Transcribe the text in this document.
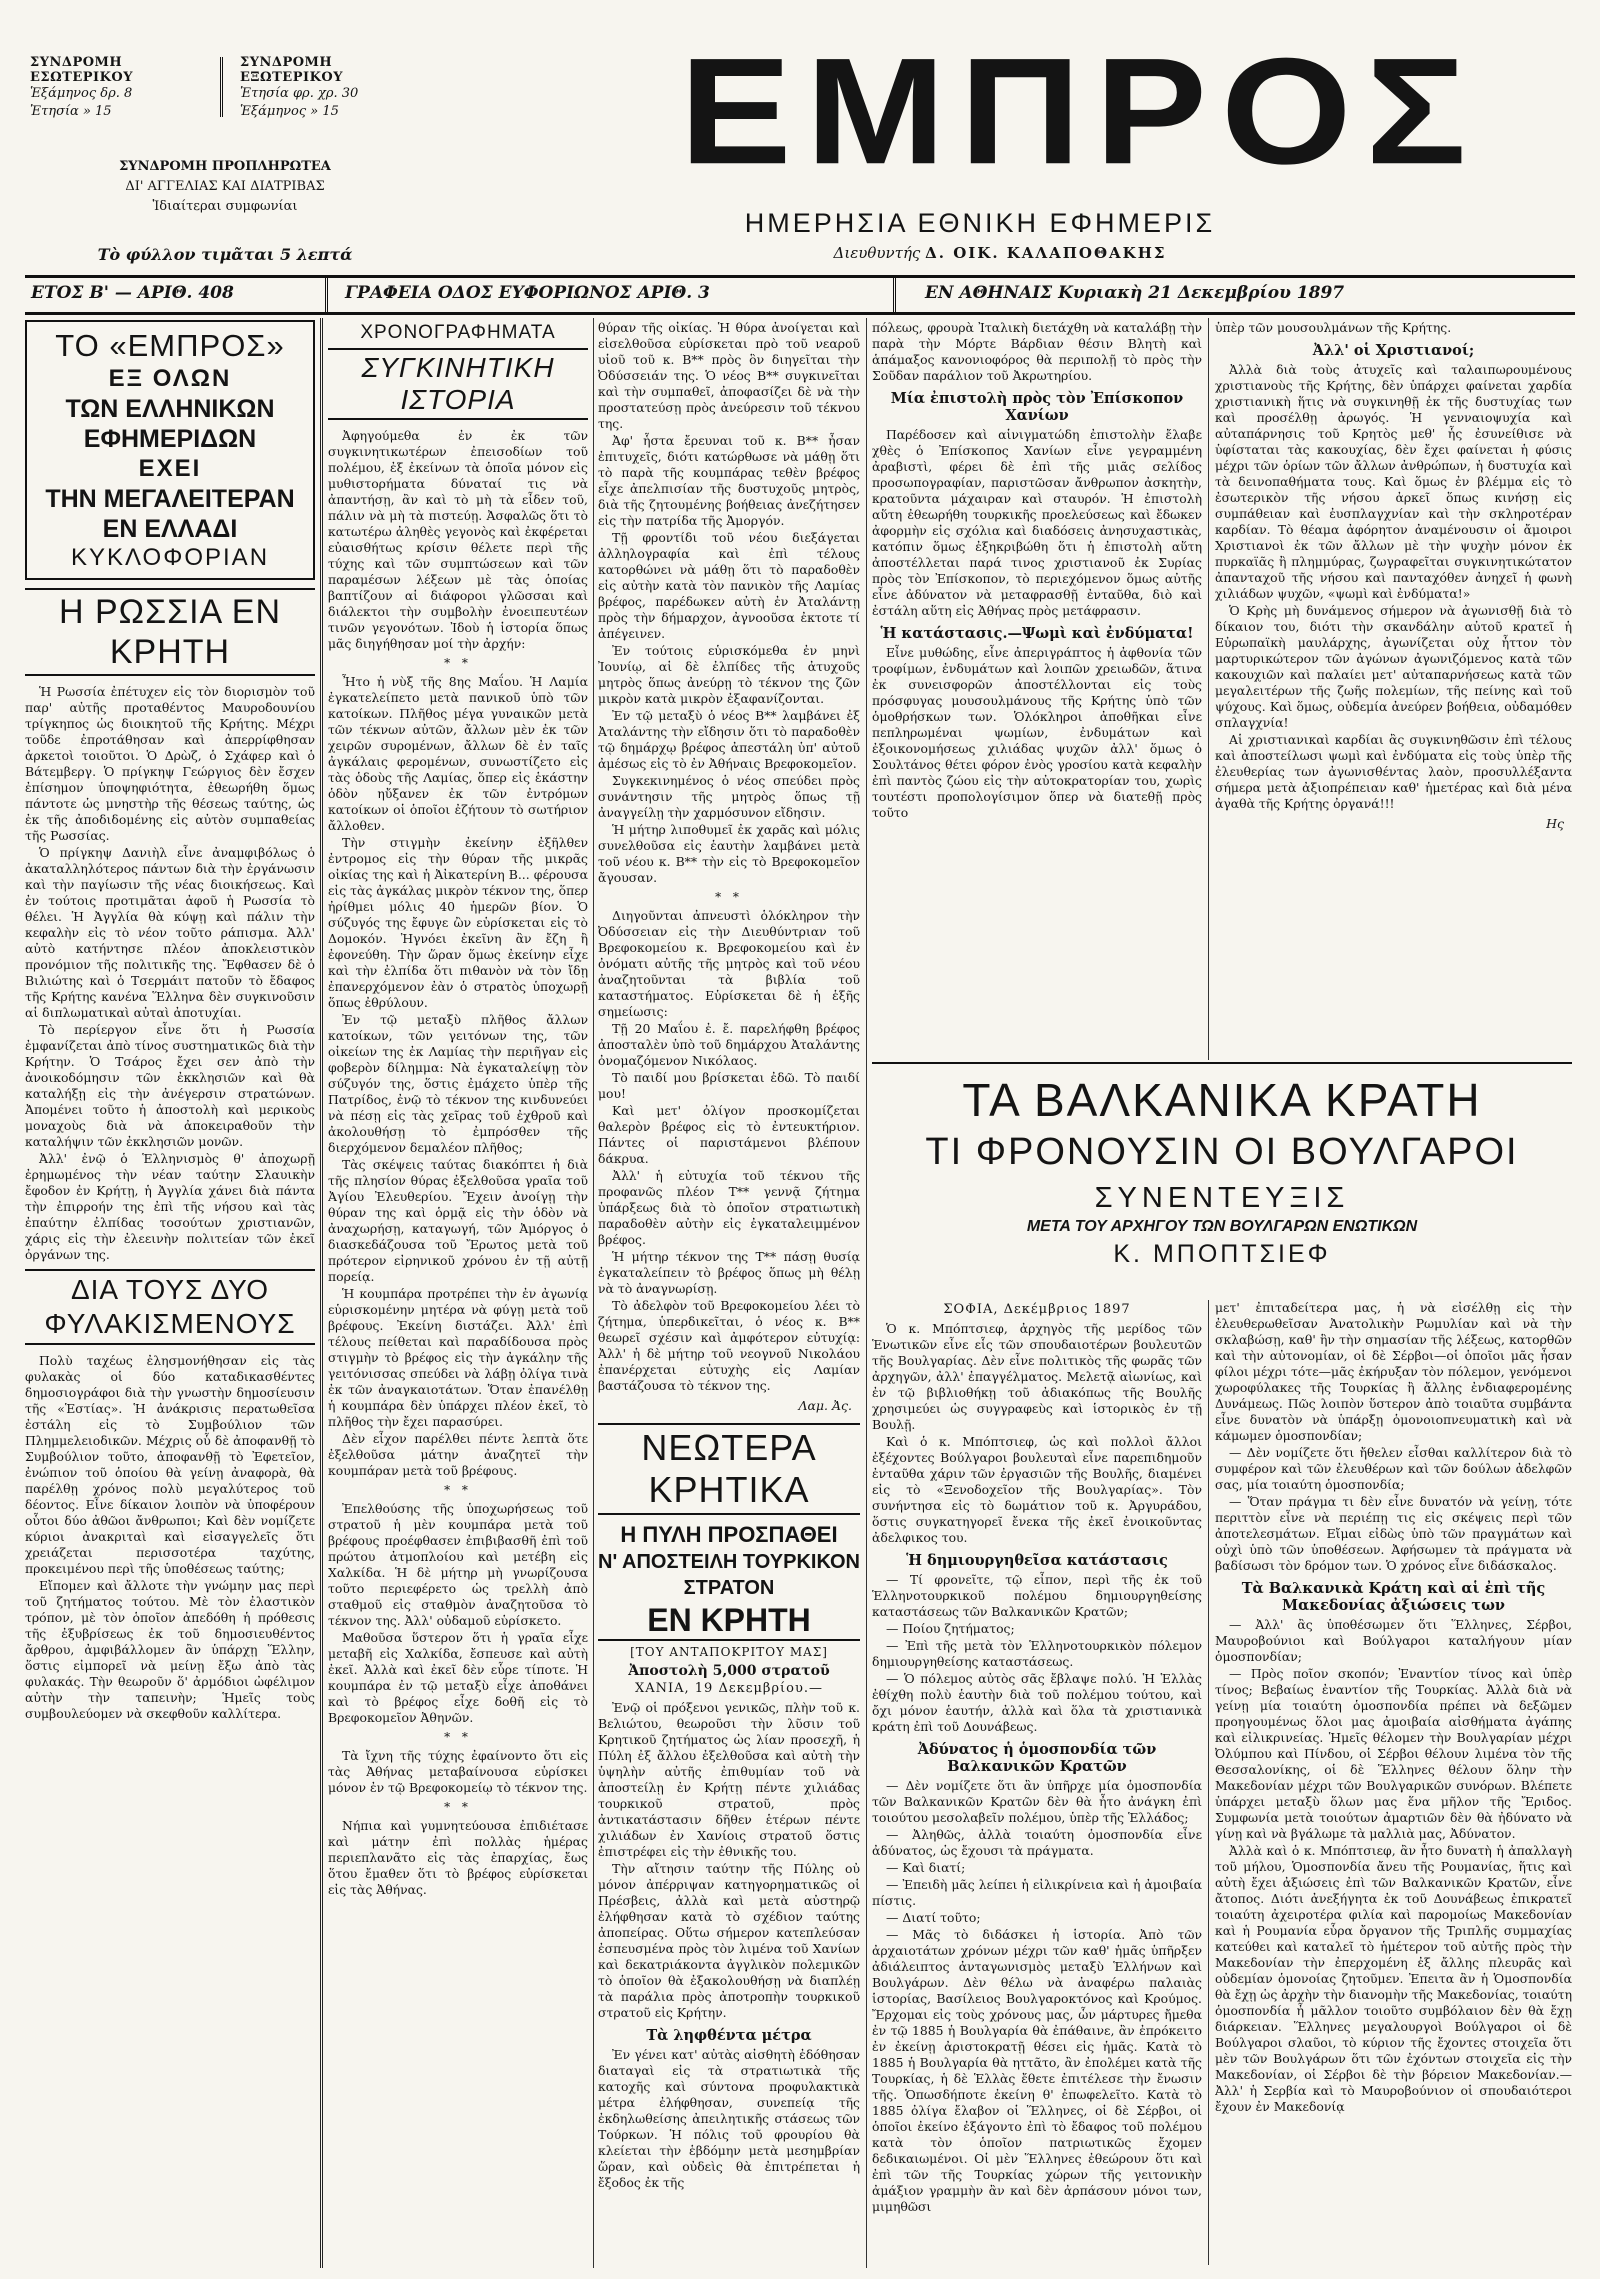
ΣΥΝΔΡΟΜΗ ΕΣΩΤΕΡΙΚΟΥ
Ἑξάμηνος δρ. 8
Ἐτησία » 15
ΣΥΝΔΡΟΜΗ ΕΞΩΤΕΡΙΚΟΥ
Ἐτησία φρ. χρ. 30
Ἑξάμηνος » 15
ΣΥΝΔΡΟΜΗ ΠΡΟΠΛΗΡΩΤΕΑ
ΔΙ' ΑΓΓΕΛΙΑΣ ΚΑΙ ΔΙΑΤΡΙΒΑΣ
Ἰδιαίτεραι συμφωνίαι
Τὸ φύλλον τιμᾶται 5 λεπτά
ΕΜΠΡΟΣ
ΗΜΕΡΗΣΙΑ ΕΘΝΙΚΗ ΕΦΗΜΕΡΙΣ
Διευθυντής Δ. ΟΙΚ. ΚΑΛΑΠΟΘΑΚΗΣ
ΕΤΟΣ Β' — ΑΡΙΘ. 408	ΓΡΑΦΕΙΑ ΟΔΟΣ ΕΥΦΟΡΙΩΝΟΣ ΑΡΙΘ. 3	ΕΝ ΑΘΗΝΑΙΣ Κυριακὴ 21 Δεκεμβρίου 1897
ΤΟ «ΕΜΠΡΟΣ»
ΕΞ ΟΛΩΝ
ΤΩΝ ΕΛΛΗΝΙΚΩΝ ΕΦΗΜΕΡΙΔΩΝ
ΕΧΕΙ
ΤΗΝ ΜΕΓΑΛΕΙΤΕΡΑΝ ΕΝ ΕΛΛΑΔΙ
ΚΥΚΛΟΦΟΡΙΑΝ
Η ΡΩΣΣΙΑ ΕΝ ΚΡΗΤΗ

Ἡ Ρωσσία ἐπέτυχεν εἰς τὸν διορισμὸν τοῦ παρ' αὐτῆς προταθέντος Μαυροδουνίου τρίγκηπος ὡς διοικητοῦ τῆς Κρήτης. Μέχρι τοῦδε ἐπροτάθησαν καὶ ἀπερρίφθησαν ἀρκετοὶ τοιοῦτοι. Ὁ Δρὼζ, ὁ Σχάφερ καὶ ὁ Βάτεμβεργ. Ὁ πρίγκηψ Γεώργιος δὲν ἔσχεν ἐπίσημον ὑποψηφιότητα, ἐθεωρήθη ὅμως πάντοτε ὡς μνηστὴρ τῆς θέσεως ταύτης, ὡς ἐκ τῆς ἀποδιδομένης εἰς αὐτὸν συμπαθείας τῆς Ρωσσίας.

Ὁ πρίγκηψ Δανιὴλ εἶνε ἀναμφιβόλως ὁ ἀκαταλληλότερος πάντων διὰ τὴν ἐργάνωσιν καὶ τὴν παγίωσιν τῆς νέας διοικήσεως. Καὶ ἐν τούτοις προτιμᾶται ἀφοῦ ἡ Ρωσσία τὸ θέλει. Ἡ Ἀγγλία θὰ κύψῃ καὶ πάλιν τὴν κεφαλὴν εἰς τὸ νέον τοῦτο ράπισμα. Ἀλλ' αὐτὸ κατήντησε πλέον ἀποκλειστικὸν προνόμιον τῆς πολιτικῆς της. Ἔφθασεν δὲ ὁ Βιλιώτης καὶ ὁ Τσερμάιτ πατοῦν τὸ ἔδαφος τῆς Κρήτης κανένα Ἕλληνα δὲν συγκινοῦσιν αἱ διπλωματικαὶ αὐταὶ ἀποτυχίαι.

Τὸ περίεργον εἶνε ὅτι ἡ Ρωσσία ἐμφανίζεται ἀπὸ τίνος συστηματικῶς διὰ τὴν Κρήτην. Ὁ Τσάρος ἔχει σεν ἀπὸ τὴν ἀνοικοδόμησιν τῶν ἐκκλησιῶν καὶ θὰ καταλήξῃ εἰς τὴν ἀνέγερσιν στρατώνων. Ἀπομένει τοῦτο ἡ ἀποστολὴ καὶ μερικοὺς μοναχοὺς διὰ νὰ ἀποκειραθοῦν τὴν καταλήψιν τῶν ἐκκλησιῶν μονῶν.

Ἀλλ' ἐνῷ ὁ Ἑλληνισμὸς θ' ἀποχωρῇ ἐρημωμένος τὴν νέαν ταύτην Σλαυικὴν ἔφοδον ἐν Κρήτῃ, ἡ Ἀγγλία χάνει διὰ πάντα τὴν ἐπιρροήν της ἐπὶ τῆς νήσου καὶ τὰς ἐπαύτην ἐλπίδας τοσούτων χριστιανῶν, χάρις εἰς τὴν ἐλεεινὴν πολιτείαν τῶν ἐκεῖ ὀργάνων της.

ΔΙΑ ΤΟΥΣ ΔΥΟ ΦΥΛΑΚΙΣΜΕΝΟΥΣ

Πολὺ ταχέως ἐλησμονήθησαν εἰς τὰς φυλακὰς οἱ δύο καταδικασθέντες δημοσιογράφοι διὰ τὴν γνωστὴν δημοσίευσιν τῆς «Ἑστίας». Ἡ ἀνάκρισις περατωθεῖσα ἐστάλη εἰς τὸ Συμβούλιον τῶν Πλημμελειοδικῶν. Μέχρις οὗ δὲ ἀποφανθῇ τὸ Συμβούλιον τοῦτο, ἀποφανθῇ τὸ Ἐφετεῖον, ἐνώπιον τοῦ ὁποίου θὰ γείνῃ ἀναφορὰ, θὰ παρέλθῃ χρόνος πολὺ μεγαλύτερος τοῦ δέοντος. Εἶνε δίκαιον λοιπὸν νὰ ὑποφέρουν οὗτοι δύο ἀθῶοι ἄνθρωποι; Καὶ δὲν νομίζετε κύριοι ἀνακριταὶ καὶ εἰσαγγελεῖς ὅτι χρειάζεται περισσοτέρα ταχύτης, προκειμένου περὶ τῆς ὑποθέσεως ταύτης;

Εἴπομεν καὶ ἄλλοτε τὴν γνώμην μας περὶ τοῦ ζητήματος τούτου. Μὲ τὸν ἐλαστικὸν τρόπον, μὲ τὸν ὁποῖον ἀπεδόθη ἡ πρόθεσις τῆς ἐξυβρίσεως ἐκ τοῦ δημοσιευθέντος ἄρθρου, ἀμφιβάλλομεν ἂν ὑπάρχῃ Ἕλλην, ὅστις εἰμπορεῖ νὰ μείνῃ ἔξω ἀπὸ τὰς φυλακάς. Τὴν θεωροῦν ὅ' ἀρμόδιοι ὠφέλιμον αὐτὴν τὴν ταπεινὴν; Ἡμεῖς τοὺς συμβουλεύομεν νὰ σκεφθοῦν καλλίτερα.

ΧΡΟΝΟΓΡΑΦΗΜΑΤΑ
ΣΥΓΚΙΝΗΤΙΚΗ ΙΣΤΟΡΙΑ

Ἀφηγούμεθα ἐν ἐκ τῶν συγκινητικωτέρων ἐπεισοδίων τοῦ πολέμου, ἐξ ἐκείνων τὰ ὁποῖα μόνον εἰς μυθιστορήματα δύναταί τις νὰ ἀπαντήσῃ, ἂν καὶ τὸ μὴ τὰ εἶδεν τοῦ, πάλιν νὰ μὴ τὰ πιστεύῃ. Ἀσφαλῶς ὅτι τὸ κατωτέρω ἀληθὲς γεγονὸς καὶ ἐκφέρεται εὐαισθήτως κρίσιν θέλετε περὶ τῆς τύχης καὶ τῶν συμπτώσεων καὶ τῶν παραμέσων λέξεων μὲ τὰς ὁποίας βαπτίζουν αἱ διάφοροι γλῶσσαι καὶ διάλεκτοι τὴν συμβολὴν ἐνοειπευτέων τινῶν γεγονότων. Ἰδοὺ ἡ ἱστορία ὅπως μᾶς διηγήθησαν μοί τὴν ἀρχήν:

* *

Ἦτο ἡ νὺξ τῆς 8ης Μαΐου. Ἡ Λαμία ἐγκατελείπετο μετὰ πανικοῦ ὑπὸ τῶν κατοίκων. Πλῆθος μέγα γυναικῶν μετὰ τῶν τέκνων αὐτῶν, ἄλλων μὲν ἐκ τῶν χειρῶν συρομένων, ἄλλων δὲ ἐν ταῖς ἀγκάλαις φερομένων, συνωστίζετο εἰς τὰς ὁδοὺς τῆς Λαμίας, ὅπερ εἰς ἑκάστην ὁδὸν ηὔξανεν ἐκ τῶν ἐντρόμων κατοίκων οἱ ὁποῖοι ἐζήτουν τὸ σωτήριον ἄλλοθεν.

Τὴν στιγμὴν ἐκείνην ἐξῆλθεν ἐντρομος εἰς τὴν θύραν τῆς μικρᾶς οἰκίας της καὶ ἡ Ἀἰκατερίνη Β... φέρουσα εἰς τὰς ἀγκάλας μικρὸν τέκνον της, ὅπερ ἠρίθμει μόλις 40 ἡμερῶν βίον. Ὁ σύζυγός της ἔφυγε ὢν εὑρίσκεται εἰς τὸ Δομοκόν. Ἠγνόει ἐκεῖνη ἂν ἔζη ἢ ἐφονεύθη. Τὴν ὥραν ὅμως ἐκείνην εἶχε καὶ τὴν ἐλπίδα ὅτι πιθανὸν νὰ τὸν ἴδῃ ἐπανερχόμενον ἐὰν ὁ στρατὸς ὑποχωρῇ ὅπως ἐθρύλουν.

Ἐν τῷ μεταξὺ πλῆθος ἄλλων κατοίκων, τῶν γειτόνων της, τῶν οἰκείων της ἐκ Λαμίας τὴν περιῆγαν εἰς φοβερὸν δίλημμα: Νὰ ἐγκαταλείψῃ τὸν σύζυγόν της, ὅστις ἐμάχετο ὑπὲρ τῆς Πατρίδος, ἐνῷ τὸ τέκνον της κινδυνεύει νὰ πέσῃ εἰς τὰς χεῖρας τοῦ ἐχθροῦ καὶ ἀκολουθήσῃ τὸ ἐμπρόσθεν τῆς διερχόμενον δεμαλέον πλῆθος;

Τὰς σκέψεις ταύτας διακόπτει ἡ διὰ τῆς πλησίον θύρας ἐξελθοῦσα γραῖα τοῦ Ἀγίου Ἐλευθερίου. Ἔχειν ἀνοίγῃ τὴν θύραν της καὶ ὁρμᾷ εἰς τὴν ὁδὸν νὰ ἀναχωρήσῃ, καταγωγή, τῶν Ἀμόργος ὁ διασκεδάζουσα τοῦ Ἔρωτος μετὰ τοῦ πρότερον εἰρηνικοῦ χρόνου ἐν τῇ αὐτῇ πορείᾳ.

Ἡ κουμπάρα προτρέπει τὴν ἐν ἀγωνίᾳ εὑρισκομένην μητέρα νὰ φύγῃ μετὰ τοῦ βρέφους. Ἐκείνη διστάζει. Ἀλλ' ἐπὶ τέλους πείθεται καὶ παραδίδουσα πρὸς στιγμὴν τὸ βρέφος εἰς τὴν ἀγκάλην τῆς γειτόνισσας σπεύδει νὰ λάβῃ ὀλίγα τινὰ ἐκ τῶν ἀναγκαιοτάτων. Ὅταν ἐπανέλθῃ ἡ κουμπάρα δὲν ὑπάρχει πλέον ἐκεῖ, τὸ πλῆθος τὴν ἔχει παρασύρει.

Δὲν εἶχον παρέλθει πέντε λεπτὰ ὅτε ἐξελθοῦσα μάτην ἀναζητεῖ τὴν κουμπάραν μετὰ τοῦ βρέφους.

* *

Ἐπελθούσης τῆς ὑποχωρήσεως τοῦ στρατοῦ ἡ μὲν κουμπάρα μετὰ τοῦ βρέφους προέφθασεν ἐπιβιβασθῆ ἐπὶ τοῦ πρώτου ἀτμοπλοίου καὶ μετέβη εἰς Χαλκίδα. Ἡ δὲ μήτηρ μὴ γνωρίζουσα τοῦτο περιεφέρετο ὡς τρελλὴ ἀπὸ σταθμοῦ εἰς σταθμὸν ἀναζητοῦσα τὸ τέκνον της. Ἀλλ' οὐδαμοῦ εὑρίσκετο.

Μαθοῦσα ὕστερον ὅτι ἡ γραῖα εἶχε μεταβῆ εἰς Χαλκίδα, ἔσπευσε καὶ αὐτὴ ἐκεῖ. Ἀλλὰ καὶ ἐκεῖ δὲν εὗρε τίποτε. Ἡ κουμπάρα ἐν τῷ μεταξὺ εἶχε ἀποθάνει καὶ τὸ βρέφος εἶχε δοθῆ εἰς τὸ Βρεφοκομεῖον Ἀθηνῶν.

* *

Τὰ ἴχνη τῆς τύχης ἐφαίνοντο ὅτι εἰς τὰς Ἀθήνας μεταβαίνουσα εὑρίσκει μόνον ἐν τῷ Βρεφοκομείῳ τὸ τέκνον της.

* *

Νήπια καὶ γυμνητεύουσα ἐπιδιέτασε καὶ μάτην ἐπὶ πολλὰς ἡμέρας περιεπλανᾶτο εἰς τὰς ἐπαρχίας, ἔως ὅτου ἔμαθεν ὅτι τὸ βρέφος εὑρίσκεται εἰς τὰς Ἀθήνας.

θύραν τῆς οἰκίας. Ἡ θύρα ἀνοίγεται καὶ εἰσελθοῦσα εὑρίσκεται πρὸ τοῦ νεαροῦ υἱοῦ τοῦ κ. Β** πρὸς ὃν διηγεῖται τὴν Ὀδύσσειάν της. Ὁ νέος Β** συγκινεῖται καὶ τὴν συμπαθεῖ, ἀποφασίζει δὲ νὰ τὴν προστατεύσῃ πρὸς ἀνεύρεσιν τοῦ τέκνου της.

Ἀφ' ἧστα ἔρευναι τοῦ κ. Β** ἦσαν ἐπιτυχεῖς, διότι κατώρθωσε νὰ μάθῃ ὅτι τὸ παρὰ τῆς κουμπάρας τεθὲν βρέφος εἶχε ἀπελπισίαν τῆς δυστυχοῦς μητρὸς, διὰ τῆς ζητουμένης βοήθειας ἀνεζήτησεν εἰς τὴν πατρίδα τῆς Ἀμοργόν.

Τῇ φροντίδι τοῦ νέου διεξάγεται ἀλληλογραφία καὶ ἐπὶ τέλους κατορθώνει νὰ μάθῃ ὅτι τὸ παραδοθὲν εἰς αὐτὴν κατὰ τὸν πανικὸν τῆς Λαμίας βρέφος, παρέδωκεν αὐτὴ ἐν Ἀταλάντῃ πρὸς τὴν δήμαρχον, ἀγνοοῦσα ἐκτοτε τί ἀπέγεινεν.

Ἐν τούτοις εὑρισκόμεθα ἐν μηνὶ Ἰουνίῳ, αἱ δὲ ἐλπίδες τῆς ἀτυχοῦς μητρὸς ὅπως ἀνεύρῃ τὸ τέκνον της ζῶν μικρὸν κατὰ μικρὸν ἐξαφανίζονται.

Ἐν τῷ μεταξὺ ὁ νέος Β** λαμβάνει ἐξ Ἀταλάντης τὴν εἴδησιν ὅτι τὸ παραδοθὲν τῷ δημάρχῳ βρέφος ἀπεστάλη ὑπ' αὐτοῦ ἀμέσως εἰς τὸ ἐν Ἀθήναις Βρεφοκομεῖον.

Συγκεκινημένος ὁ νέος σπεύδει πρὸς συνάντησιν τῆς μητρὸς ὅπως τῇ ἀναγγείλῃ τὴν χαρμόσυνον εἴδησιν.

Ἡ μήτηρ λιποθυμεῖ ἐκ χαρᾶς καὶ μόλις συνελθοῦσα εἰς ἑαυτὴν λαμβάνει μετὰ τοῦ νέου κ. Β** τὴν εἰς τὸ Βρεφοκομεῖον ἄγουσαν.

* *

Διηγοῦνται ἀπνευστὶ ὁλόκληρον τὴν Ὀδύσσειαν εἰς τὴν Διευθύντριαν τοῦ Βρεφοκομείου κ. Βρεφοκομείου καὶ ἐν ὀνόματι αὐτῆς τῆς μητρὸς καὶ τοῦ νέου ἀναζητοῦνται τὰ βιβλία τοῦ καταστήματος. Εὑρίσκεται δὲ ἡ ἑξῆς σημείωσις:

Τῇ 20 Μαΐου ἐ. ἔ. παρελήφθη βρέφος ἀποσταλὲν ὑπὸ τοῦ δημάρχου Ἀταλάντης ὀνομαζόμενον Νικόλαος.

Τὸ παιδί μου βρίσκεται ἐδῶ. Τὸ παιδί μου!

Καὶ μετ' ὀλίγον προσκομίζεται θαλερὸν βρέφος εἰς τὸ ἐντευκτήριον. Πάντες οἱ παριστάμενοι βλέπουν δάκρυα.

Ἀλλ' ἡ εὐτυχία τοῦ τέκνου τῆς προφανῶς πλέον Τ** γεννᾷ ζήτημα ὑπάρξεως διὰ τὸ ὁποῖον στρατιωτικὴ παραδοθὲν αὐτὴν εἰς ἐγκαταλειμμένον βρέφος.

Ἡ μήτηρ τέκνον της Τ** πάσῃ θυσίᾳ ἐγκαταλείπειν τὸ βρέφος ὅπως μὴ θέλῃ νὰ τὸ ἀναγνωρίσῃ.

Τὸ ἀδελφὸν τοῦ Βρεφοκομείου λέει τὸ ζήτημα, ὑπερδικεῖται, ὁ νέος κ. Β** θεωρεῖ σχέσιν καὶ ἀμφότερον εὐτυχίᾳ: Ἀλλ' ἡ δὲ μήτηρ τοῦ νεογνοῦ Νικολάου ἐπανέρχεται εὐτυχὴς εἰς Λαμίαν βαστάζουσα τὸ τέκνον της.

Λαμ. Ἀς.
ΝΕΩΤΕΡΑ ΚΡΗΤΙΚΑ
Η ΠΥΛΗ ΠΡΟΣΠΑΘΕΙ
Ν' ΑΠΟΣΤΕΙΛΗ ΤΟΥΡΚΙΚΟΝ ΣΤΡΑΤΟΝ
ΕΝ ΚΡΗΤΗ
[ΤΟΥ ΑΝΤΑΠΟΚΡΙΤΟΥ ΜΑΣ]
Ἀποστολὴ 5,000 στρατοῦ
ΧΑΝΙΑ, 19 Δεκεμβρίου.—

Ἐνῷ οἱ πρόξενοι γενικῶς, πλὴν τοῦ κ. Βελιώτου, θεωροῦσι τὴν λῦσιν τοῦ Κρητικοῦ ζητήματος ὡς λίαν προσεχῆ, ἡ Πύλη ἐξ ἄλλου ἐξελθοῦσα καὶ αὐτὴ τὴν ὑψηλὴν αὐτῆς ἐπιθυμίαν τοῦ νὰ ἀποστείλῃ ἐν Κρήτῃ πέντε χιλιάδας τουρκικοῦ στρατοῦ, πρὸς ἀντικατάστασιν δῆθεν ἑτέρων πέντε χιλιάδων ἐν Χανίοις στρατοῦ ὅστις ἐπιστρέφει εἰς τὴν ἐθνικῆς του.

Τὴν αἴτησιν ταύτην τῆς Πύλης οὐ μόνον ἀπέρριψαν κατηγορηματικῶς οἱ Πρέσβεις, ἀλλὰ καὶ μετὰ αὐστηρῷ ἐλήφθησαν κατὰ τὸ σχέδιον ταύτης ἀποπείρας. Οὕτω σήμερον κατεπλεύσαν ἐσπευσμένα πρὸς τὸν λιμένα τοῦ Χανίων καὶ δεκατριάκοντα ἀγγλικὸν πολεμικῶν τὸ ὁποῖον θὰ ἐξακολουθήσῃ νὰ διαπλέῃ τὰ παράλια πρὸς ἀποτροπὴν τουρκικοῦ στρατοῦ εἰς Κρήτην.

Τὰ ληφθέντα μέτρα

Ἐν γένει κατ' αὐτὰς αἰσθητὴ ἐδόθησαν διαταγαὶ εἰς τὰ στρατιωτικὰ τῆς κατοχῆς καὶ σύντονα προφυλακτικὰ μέτρα ἐλήφθησαν, συνεπείᾳ τῆς ἐκδηλωθείσης ἀπειλητικῆς στάσεως τῶν Τούρκων. Ἡ πόλις τοῦ φρουρίου θὰ κλείεται τὴν ἑβδόμην μετὰ μεσημβρίαν ὥραν, καὶ οὐδεὶς θὰ ἐπιτρέπεται ἡ ἔξοδος ἐκ τῆς

πόλεως, φρουρὰ Ἰταλικὴ διετάχθη νὰ καταλάβῃ τὴν παρὰ τὴν Μόρτε Βάρδιαν θέσιν Βλητὴ καὶ ἁπάμαξος κανονιοφόρος θὰ περιπολῇ τὸ πρὸς τὴν Σοῦδαν παράλιον τοῦ Ἀκρωτηρίου.

Μία ἐπιστολὴ πρὸς τὸν Ἐπίσκοπον Χανίων

Παρέδοσεν καὶ αἱνιγματώδη ἐπιστολὴν ἔλαβε χθὲς ὁ Ἐπίσκοπος Χανίων εἶνε γεγραμμένη ἀραβιστὶ, φέρει δὲ ἐπὶ τῆς μιᾶς σελίδος προσωπογραφίαν, παριστῶσαν ἄνθρωπον ἀσκητὴν, κρατοῦντα μάχαιραν καὶ σταυρόν. Ἡ ἐπιστολὴ αὕτη ἐθεωρήθη τουρκικῆς προελεύσεως καὶ ἔδωκεν ἀφορμὴν εἰς σχόλια καὶ διαδόσεις ἀνησυχαστικὰς, κατόπιν ὅμως ἐξηκριβώθη ὅτι ἡ ἐπιστολὴ αὕτη ἀποστέλλεται παρά τινος χριστιανοῦ ἐκ Συρίας πρὸς τὸν Ἐπίσκοπον, τὸ περιεχόμενον ὅμως αὐτῆς εἶνε ἀδύνατον νὰ μεταφρασθῇ ἐνταῦθα, διὸ καὶ ἐστάλη αὕτη εἰς Ἀθήνας πρὸς μετάφρασιν.

Ἡ κατάστασις.—Ψωμὶ καὶ ἐνδύματα!

Εἶνε μυθώδης, εἶνε ἀπεριγράπτος ἡ ἀφθονία τῶν τροφίμων, ἐνδυμάτων καὶ λοιπῶν χρειωδῶν, ἅτινα ἐκ συνεισφορῶν ἀποστέλλονται εἰς τοὺς πρόσφυγας μουσουλμάνους τῆς Κρήτης ὑπὸ τῶν ὁμοθρήσκων των. Ὁλόκληροι ἀποθῆκαι εἶνε πεπληρωμέναι ψωμίων, ἐνδυμάτων καὶ ἐξοικονομήσεως χιλιάδας ψυχῶν ἀλλ' ὅμως ὁ Σουλτάνος θέτει φόρον ἐνὸς γροσίου κατὰ κεφαλὴν ἐπὶ παντὸς ζώου εἰς τὴν αὐτοκρατορίαν του, χωρὶς τουτέστι προπολογίσιμον ὅπερ νὰ διατεθῇ πρὸς τοῦτο

ὑπὲρ τῶν μουσουλμάνων τῆς Κρήτης.

Ἀλλ' οἱ Χριστιανοί;

Ἀλλὰ διὰ τοὺς ἀτυχεῖς καὶ ταλαιπωρουμένους χριστιανοὺς τῆς Κρήτης, δὲν ὑπάρχει φαίνεται χαρδία χριστιανικὴ ἥτις νὰ συγκινηθῇ ἐκ τῆς δυστυχίας των καὶ προσέλθῃ ἀρωγός. Ἡ γενναιοψυχία καὶ αὐταπάρνησις τοῦ Κρητὸς μεθ' ἧς ἐσυνείθισε νὰ ὑφίσταται τὰς κακουχίας, δὲν ἔχει φαίνεται ἡ φύσις μέχρι τῶν ὁρίων τῶν ἄλλων ἀνθρώπων, ἡ δυστυχία καὶ τὰ δεινοπαθήματα τους. Καὶ ὅμως ἐν βλέμμα εἰς τὸ ἐσωτερικὸν τῆς νήσου ἀρκεῖ ὅπως κινήσῃ εἰς συμπάθειαν καὶ ἐυσπλαγχνίαν καὶ τὴν σκληροτέραν καρδίαν. Τὸ θέαμα ἀφόρητον ἀναμένουσιν οἱ ἄμοιροι Χριστιανοὶ ἐκ τῶν ἄλλων μὲ τὴν ψυχὴν μόνον ἐκ πυρκαϊᾶς ἢ πλημμύρας, ζωγραφεῖται συγκινητικώτατον ἀπανταχοῦ τῆς νήσου καὶ πανταχόθεν ἀνηχεῖ ἡ φωνὴ χιλιάδων ψυχῶν, «ψωμὶ καὶ ἐνδύματα!»

Ὁ Κρὴς μὴ δυνάμενος σήμερον νὰ ἀγωνισθῇ διὰ τὸ δίκαιον του, διότι τὴν σκανδάλην αὐτοῦ κρατεῖ ἡ Εὐρωπαϊκὴ μαυλάρχης, ἀγωνίζεται οὐχ ἧττον τὸν μαρτυρικώτερον τῶν ἀγώνων ἀγωνιζόμενος κατὰ τῶν κακουχιῶν καὶ παλαίει μετ' αὐταπαρνήσεως κατὰ τῶν μεγαλειτέρων τῆς ζωῆς πολεμίων, τῆς πείνης καὶ τοῦ ψύχους. Καὶ ὅμως, οὐδεμία ἀνεύρεν βοήθεια, οὐδαμόθεν σπλαγχνία!

Αἱ χριστιανικαὶ καρδίαι ἂς συγκινηθῶσιν ἐπὶ τέλους καὶ ἀποστείλωσι ψωμὶ καὶ ἐνδύματα εἰς τοὺς ὑπὲρ τῆς ἐλευθερίας των ἀγωνισθέντας λαὸν, προσυλλέξαντα σήμερα μετὰ ἀξιοπρέπειαν καθ' ἡμετέρας καὶ διὰ μένα ἀγαθὰ τῆς Κρήτης ὀργανά!!!

Ης
ΤΑ ΒΑΛΚΑΝΙΚΑ ΚΡΑΤΗ
ΤΙ ΦΡΟΝΟΥΣΙΝ ΟΙ ΒΟΥΛΓΑΡΟΙ
ΣΥΝΕΝΤΕΥΞΙΣ
ΜΕΤΑ ΤΟΥ ΑΡΧΗΓΟΥ ΤΩΝ ΒΟΥΛΓΑΡΩΝ ΕΝΩΤΙΚΩΝ
Κ. ΜΠΟΠΤΣΙΕΦ
ΣΟΦΙΑ, Δεκέμβριος 1897

Ὁ κ. Μπόπτσιεφ, ἀρχηγὸς τῆς μερίδος τῶν Ἑνωτικῶν εἶνε εἷς τῶν σπουδαιοτέρων βουλευτῶν τῆς Βουλγαρίας. Δὲν εἶνε πολιτικὸς τῆς φωρᾶς τῶν ἀρχηγῶν, ἀλλ' ἐπαγγέλματος. Μελετᾷ αἰωνίως, καὶ ἐν τῷ βιβλιοθήκῃ τοῦ ἀδιακόπως τῆς Βουλῆς χρησιμεύει ὡς συγγραφεὺς καὶ ἱστορικὸς ἐν τῇ Βουλῇ.

Καὶ ὁ κ. Μπόπτσιεφ, ὡς καὶ πολλοὶ ἄλλοι ἐξέχοντες Βούλγαροι βουλευταὶ εἶνε παρεπιδημοῦν ἐνταῦθα χάριν τῶν ἐργασιῶν τῆς Βουλῆς, διαμένει εἰς τὸ «Ξενοδοχεῖον τῆς Βουλγαρίας». Τὸν συνήντησα εἰς τὸ δωμάτιον τοῦ κ. Ἀργυράδου, ὅστις συγκατηγορεῖ ἔνεκα τῆς ἐκεῖ ἐνοικοῦντας ἀδελφικος του.

Ἡ δημιουργηθεῖσα κατάστασις

— Τί φρονεῖτε, τῷ εἶπον, περὶ τῆς ἐκ τοῦ Ἑλληνοτουρκικοῦ πολέμου δημιουργηθείσης καταστάσεως τῶν Βαλκανικῶν Κρατῶν;

— Ποίου ζητήματος;

— Ἐπὶ τῆς μετὰ τὸν Ἑλληνοτουρκικὸν πόλεμον δημιουργηθείσης καταστάσεως.

— Ὁ πόλεμος αὐτὸς σᾶς ἔβλαψε πολύ. Ἡ Ἑλλὰς ἐθίχθη πολὺ ἑαυτὴν διὰ τοῦ πολέμου τούτου, καὶ ὄχι μόνον ἑαυτήν, ἀλλὰ καὶ ὅλα τὰ χριστιανικὰ κράτη ἐπὶ τοῦ Δουνάβεως.

Ἀδύνατος ἡ ὁμοσπονδία τῶν Βαλκανικῶν Κρατῶν

— Δὲν νομίζετε ὅτι ἂν ὑπῆρχε μία ὁμοσπονδία τῶν Βαλκανικῶν Κρατῶν δὲν θὰ ἦτο ἀνάγκη ἐπὶ τοιούτου μεσολαβεῖν πολέμου, ὑπὲρ τῆς Ἑλλάδος;

— Ἀληθῶς, ἀλλὰ τοιαύτη ὁμοσπονδία εἶνε ἀδύνατος, ὡς ἔχουσι τὰ πράγματα.

— Καὶ διατί;

— Ἐπειδὴ μᾶς λείπει ἡ εἰλικρίνεια καὶ ἡ ἀμοιβαία πίστις.

— Διατί τοῦτο;

— Μᾶς τὸ διδάσκει ἡ ἱστορία. Ἀπὸ τῶν ἀρχαιοτάτων χρόνων μέχρι τῶν καθ' ἡμᾶς ὑπῆρξεν ἀδιάλειπτος ἀνταγωνισμὸς μεταξὺ Ἑλλήνων καὶ Βουλγάρων. Δὲν θέλω νὰ ἀναφέρω παλαιὰς ἱστορίας, Βασίλειος Βουλγαροκτόνος καὶ Κρούμος. Ἔρχομαι εἰς τοὺς χρόνους μας, ὧν μάρτυρες ἤμεθα ἐν τῷ 1885 ἡ Βουλγαρία θὰ ἐπάθαινε, ἂν ἐπρόκειτο ἐν ἐκείνῃ ἀριστοκρατῇ θέσει εἰς ἡμᾶς. Κατὰ τὸ 1885 ἡ Βουλγαρία θὰ ηττᾶτο, ἂν ἐπολέμει κατὰ τῆς Τουρκίας, ἡ δὲ Ἑλλὰς ἔθετε ἐπιτέλεσε τὴν ἔνωσιν τῆς. Ὁπωσδήποτε ἐκείνη θ' ἐπωφελεῖτο. Κατὰ τὸ 1885 ὀλίγα ἔλαβον οἱ Ἕλληνες, οἱ δὲ Σέρβοι, οἱ ὁποῖοι ἐκείνο ἐξάγοντο ἐπὶ τὸ ἔδαφος τοῦ πολέμου κατὰ τὸν ὁποῖον πατριωτικῶς ἔχομεν δεδικαιωμένοι. Οἱ μὲν Ἕλληνες ἐθεώρουν ὅτι καὶ ἐπὶ τῶν τῆς Τουρκίας χώρων τῆς γειτονικὴν ἀμάξιον γραμμὴν ἂν καὶ δὲν ἀρπάσουν μόνοι των, μιμηθῶσι

μετ' ἐπιταδείτερα μας, ἡ νὰ εἰσέλθῃ εἰς τὴν ἐλευθερωθεῖσαν Ἀνατολικὴν Ρωμυλίαν καὶ νὰ τὴν σκλαβώσῃ, καθ' ἣν τὴν σημασίαν τῆς λέξεως, κατορθῶν καὶ τὴν αὐτονομίαν, οἱ δὲ Σέρβοι—οἱ ὁποῖοι μᾶς ἦσαν φίλοι μέχρι τότε—μᾶς ἐκήρυξαν τὸν πόλεμον, γενόμενοι χωροφύλακες τῆς Τουρκίας ἢ ἄλλης ἐνδιαφερομένης Δυνάμεως. Πῶς λοιπὸν ὕστερον ἀπὸ τοιαῦτα συμβάντα εἶνε δυνατὸν νὰ ὑπάρξῃ ὁμονοιοπνευματικὴ καὶ νὰ κάμωμεν ὁμοσπονδίαν;

— Δὲν νομίζετε ὅτι ἤθελεν εἶσθαι καλλίτερον διὰ τὸ συμφέρον καὶ τῶν ἐλευθέρων καὶ τῶν δούλων ἀδελφῶν σας, μία τοιαύτη ὁμοσπονδία;

— Ὅταν πράγμα τι δὲν εἶνε δυνατόν νὰ γείνῃ, τότε περιττὸν εἶνε νὰ περιέπῃ τις εἰς σκέψεις περὶ τῶν ἀποτελεσμάτων. Εἴμαι εἰδὼς ὑπὸ τῶν πραγμάτων καὶ οὐχὶ ὑπὸ τῶν ὑποθέσεων. Ἀφήσωμεν τὰ πράγματα νὰ βαδίσωσι τὸν δρόμον των. Ὁ χρόνος εἶνε διδάσκαλος.

Τὰ Βαλκανικὰ Κράτη καὶ αἱ ἐπὶ τῆς Μακεδονίας ἀξιώσεις των

— Ἀλλ' ἂς ὑποθέσωμεν ὅτι Ἕλληνες, Σέρβοι, Μαυροβούνιοι καὶ Βούλγαροι καταλήγουν μίαν ὁμοσπονδίαν;

— Πρὸς ποῖον σκοπόν; Ἐναντίον τίνος καὶ ὑπὲρ τίνος; Βεβαίως ἐναντίον τῆς Τουρκίας. Ἀλλὰ διὰ νὰ γείνῃ μία τοιαύτη ὁμοσπονδία πρέπει νὰ δεξῶμεν προηγουμένως ὅλοι μας ἀμοιβαία αἰσθήματα ἀγάπης καὶ εἰλικρινείας. Ἡμεῖς θέλομεν τὴν Βουλγαρίαν μέχρι Ὀλύμπου καὶ Πίνδου, οἱ Σέρβοι θέλουν λιμένα τὸν τῆς Θεσσαλονίκης, οἱ δὲ Ἕλληνες θέλουν ὅλην τὴν Μακεδονίαν μέχρι τῶν Βουλγαρικῶν συνόρων. Βλέπετε ὑπάρχει μεταξὺ ὅλων μας ἕνα μῆλον τῆς Ἔριδος. Συμφωνία μετὰ τοιούτων ἀμαρτιῶν δὲν θὰ ἠδύνατο νὰ γίνῃ καὶ νὰ βγάλωμε τὰ μαλλιὰ μας, Ἀδύνατον.

Ἀλλὰ καὶ ὁ κ. Μπόπτσιεφ, ἂν ἦτο δυνατὴ ἡ ἀπαλλαγὴ τοῦ μήλου, Ὁμοσπονδία ἄνευ τῆς Ρουμανίας, ἥτις καὶ αὐτὴ ἔχει ἀξιώσεις ἐπὶ τῶν Βαλκανικῶν Κρατῶν, εἶνε ἄτοπος. Διότι ἀνεξήγητα ἐκ τοῦ Δουνάβεως ἐπικρατεῖ τοιαύτη ἀχειροτέρα φιλία καὶ παρομοίως Μακεδονίαν καὶ ἡ Ρουμανία εὗρα ὄργανον τῆς Τριπλῆς συμμαχίας κατεύθει καὶ καταλεῖ τὸ ἡμέτερον τοῦ αὐτῆς πρὸς τὴν Μακεδονίαν τὴν ἐπερχομένη ἐξ ἄλλης πλευρᾶς καὶ οὐδεμίαν ὁμονοίας ζητοῦμεν. Ἐπειτα ἂν ἡ Ὁμοσπονδία θὰ ἔχῃ ὡς ἀρχὴν τὴν διανομὴν τῆς Μακεδονίας, τοιαύτη ὁμοσπονδία ἦ μᾶλλον τοιοῦτο συμβόλαιον δὲν θὰ ἔχῃ διάρκειαν. Ἕλληνες μεγαλουργοὶ Βούλγαροι οἱ δὲ Βούλγαροι σλαῦοι, τὸ κύριον τῆς ἔχοντες στοιχεῖα ὅτι μὲν τῶν Βουλγάρων ὅτι τῶν ἐχόντων στοιχεῖα εἰς τὴν Μακεδονίαν, οἱ Σέρβοι δὲ τὴν βόρειον Μακεδονίαν.— Ἀλλ' ἡ Σερβία καὶ τὸ Μαυροβούνιον οἱ σπουδαιότεροι ἔχουν ἐν Μακεδονίᾳ
